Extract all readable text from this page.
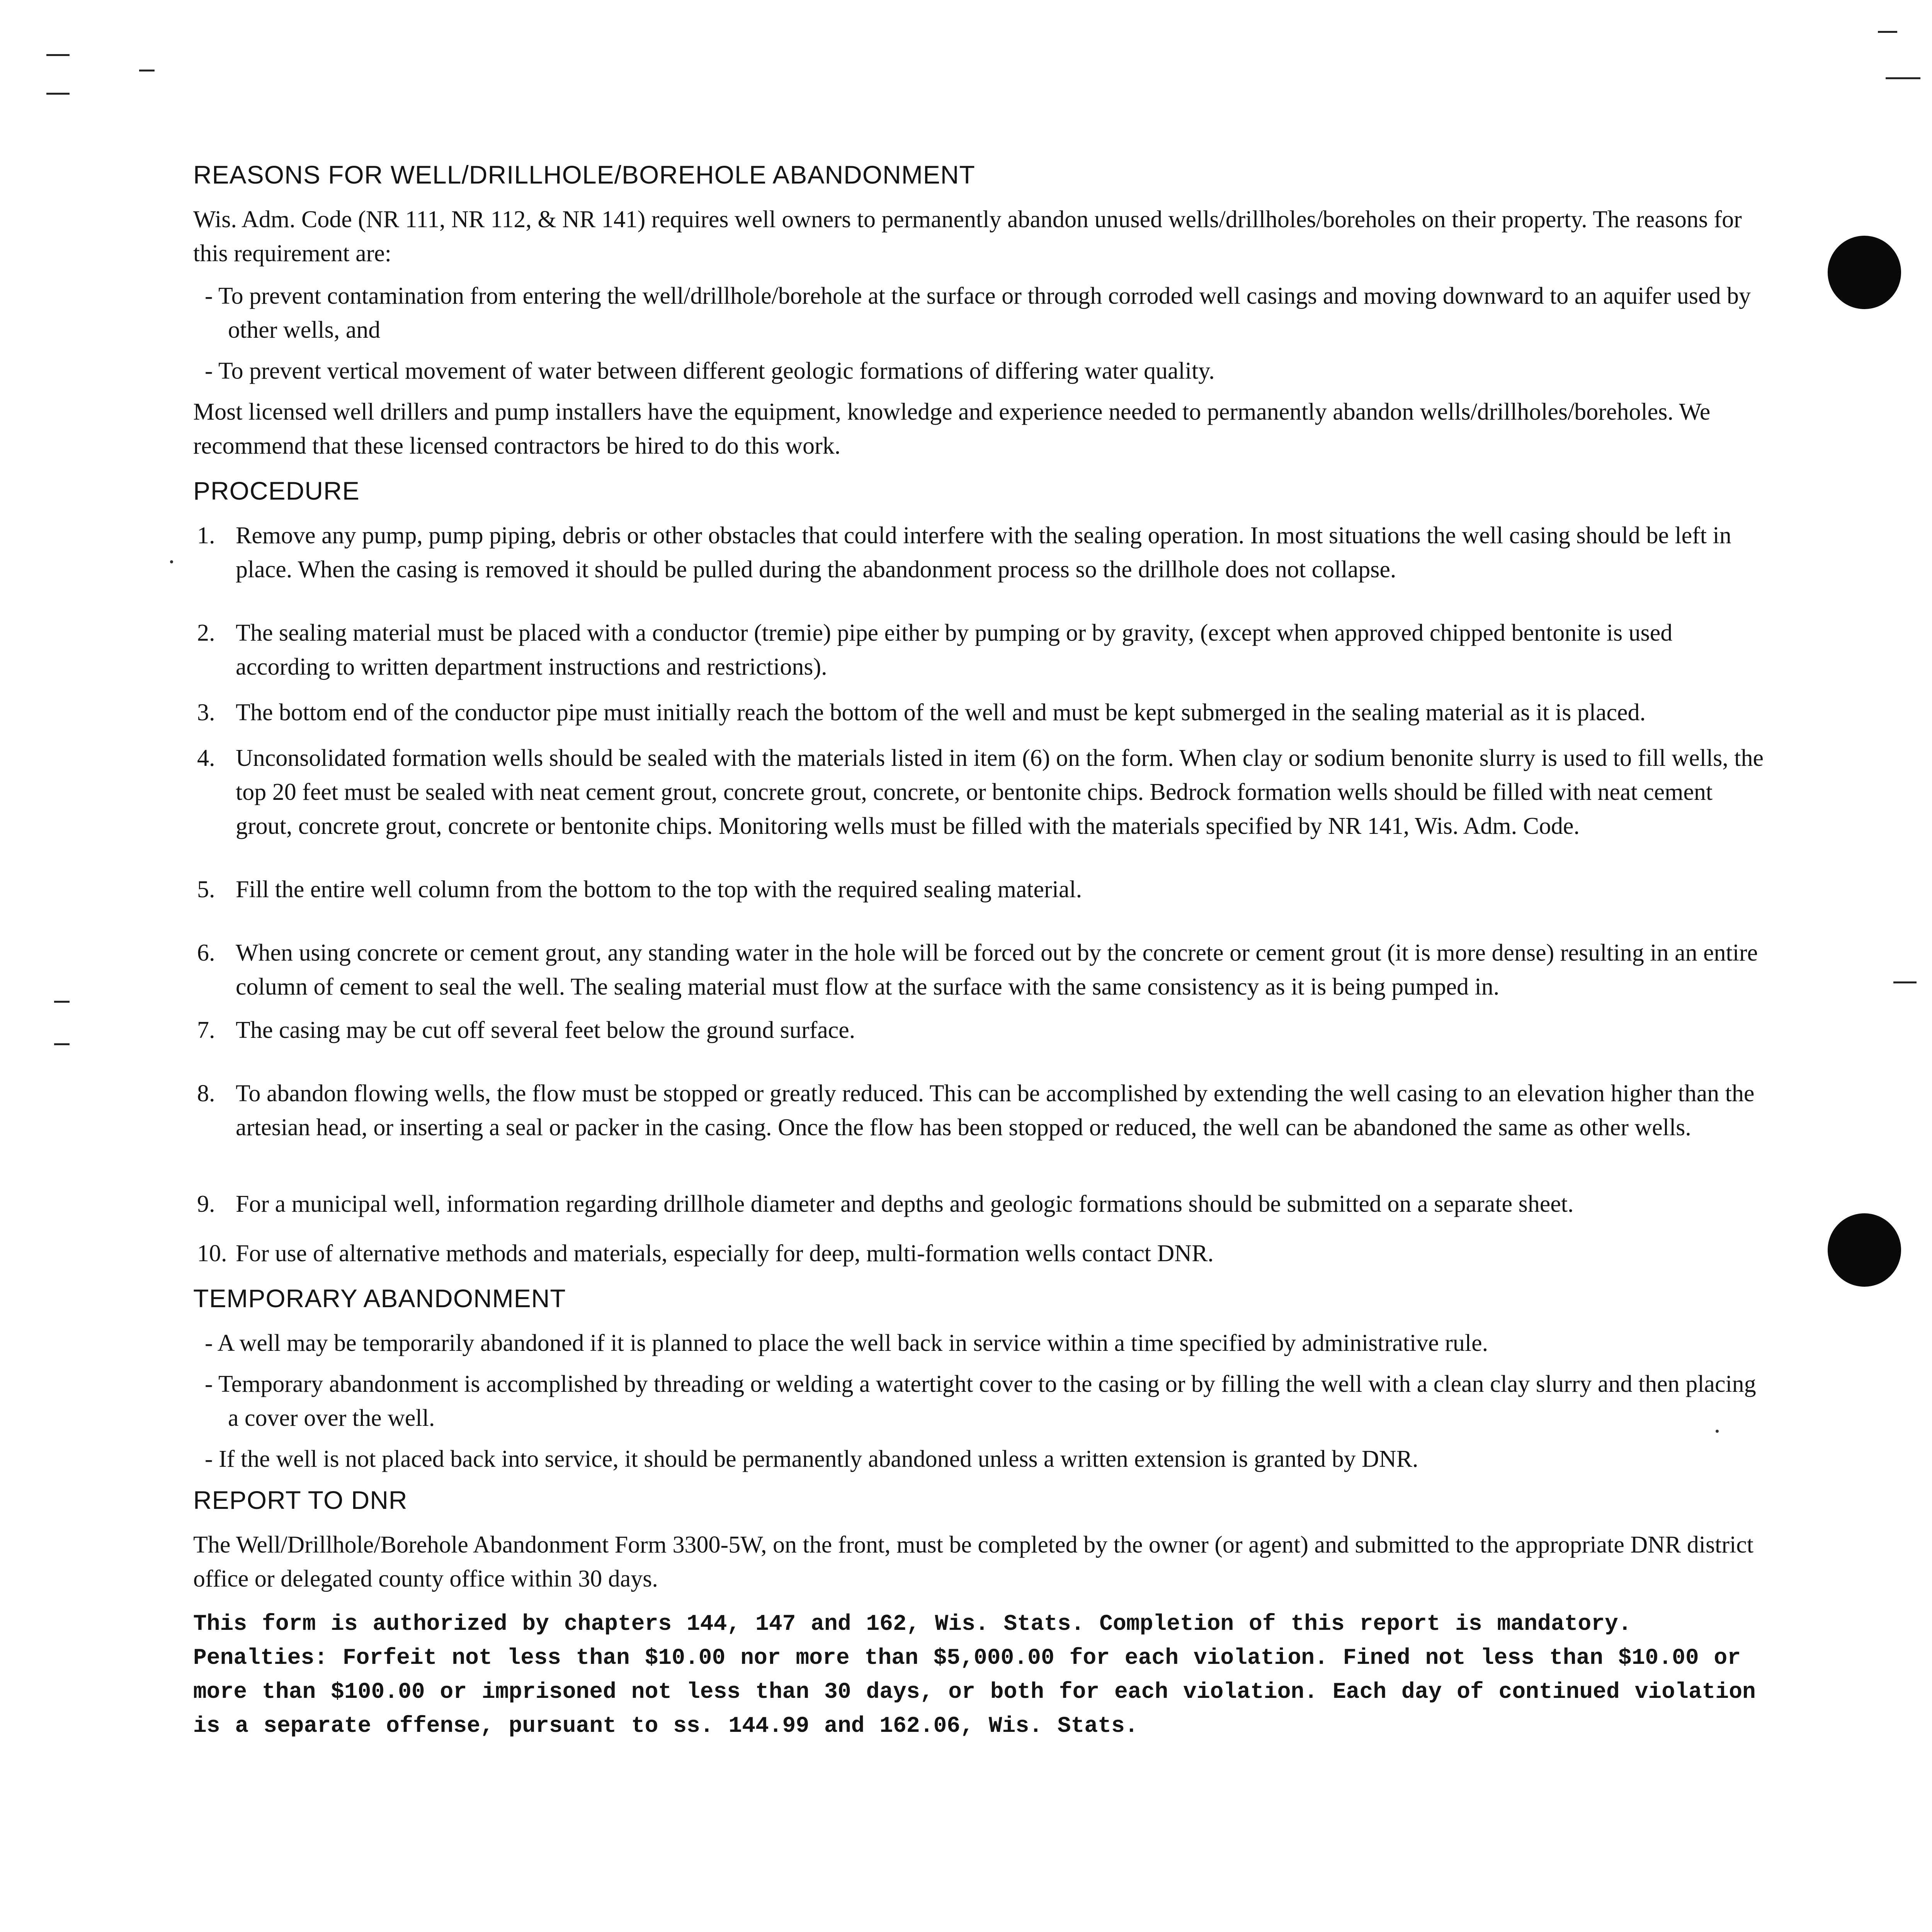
REASONS FOR WELL/DRILLHOLE/BOREHOLE ABANDONMENT

Wis. Adm. Code (NR 111, NR 112, & NR 141) requires well owners to permanently abandon unused wells/drillholes/boreholes on their property. The reasons for this requirement are:

- To prevent contamination from entering the well/drillhole/borehole at the surface or through corroded well casings and moving downward to an aquifer used by other wells, and
- To prevent vertical movement of water between different geologic formations of differing water quality.

Most licensed well drillers and pump installers have the equipment, knowledge and experience needed to permanently abandon wells/drillholes/boreholes. We recommend that these licensed contractors be hired to do this work.

PROCEDURE
1. Remove any pump, pump piping, debris or other obstacles that could interfere with the sealing operation. In most situations the well casing should be left in place. When the casing is removed it should be pulled during the abandonment process so the drillhole does not collapse.
2. The sealing material must be placed with a conductor (tremie) pipe either by pumping or by gravity, (except when approved chipped bentonite is used according to written department instructions and restrictions).
3. The bottom end of the conductor pipe must initially reach the bottom of the well and must be kept submerged in the sealing material as it is placed.
4. Unconsolidated formation wells should be sealed with the materials listed in item (6) on the form. When clay or sodium benonite slurry is used to fill wells, the top 20 feet must be sealed with neat cement grout, concrete grout, concrete, or bentonite chips. Bedrock formation wells should be filled with neat cement grout, concrete grout, concrete or bentonite chips. Monitoring wells must be filled with the materials specified by NR 141, Wis. Adm. Code.
5. Fill the entire well column from the bottom to the top with the required sealing material.
6. When using concrete or cement grout, any standing water in the hole will be forced out by the concrete or cement grout (it is more dense) resulting in an entire column of cement to seal the well. The sealing material must flow at the surface with the same consistency as it is being pumped in.
7. The casing may be cut off several feet below the ground surface.
8. To abandon flowing wells, the flow must be stopped or greatly reduced. This can be accomplished by extending the well casing to an elevation higher than the artesian head, or inserting a seal or packer in the casing. Once the flow has been stopped or reduced, the well can be abandoned the same as other wells.
9. For a municipal well, information regarding drillhole diameter and depths and geologic formations should be submitted on a separate sheet.
10. For use of alternative methods and materials, especially for deep, multi-formation wells contact DNR.
TEMPORARY ABANDONMENT
- A well may be temporarily abandoned if it is planned to place the well back in service within a time specified by administrative rule.
- Temporary abandonment is accomplished by threading or welding a watertight cover to the casing or by filling the well with a clean clay slurry and then placing a cover over the well.
- If the well is not placed back into service, it should be permanently abandoned unless a written extension is granted by DNR.
REPORT TO DNR

The Well/Drillhole/Borehole Abandonment Form 3300-5W, on the front, must be completed by the owner (or agent) and submitted to the appropriate DNR district office or delegated county office within 30 days.

This form is authorized by chapters 144, 147 and 162, Wis. Stats. Completion of this report is mandatory. Penalties: Forfeit not less than $10.00 nor more than $5,000.00 for each violation. Fined not less than $10.00 or more than $100.00 or imprisoned not less than 30 days, or both for each violation. Each day of continued violation is a separate offense, pursuant to ss. 144.99 and 162.06, Wis. Stats.
